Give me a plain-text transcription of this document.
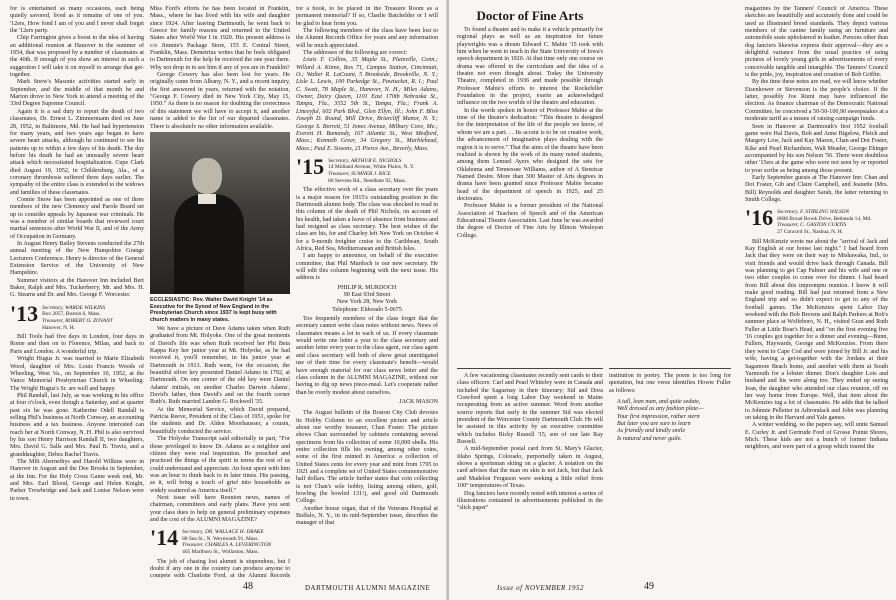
for is entertained as many occasions, each being quietly savored, lived as it remains of one of you. '12ers, How fond I am of you and I never shall forget the '12ers party.

Chip Farrington gives a boost to the idea of having an additional reunion at Hanover in the summer of 1954, that was proposed by a number of classmates at the 40th. If enough of you show an interest in such a suggestion I will take it on myself to arrange that get-together.

Mark Snow's Masonic activities started early in September, and the middle of that month he and Marion drove to New York to attend a meeting of the 33rd Degree Supreme Council.

Again it is a sad duty to report the death of two classmates, Dr. Ernest L. Zimmermann died on June 28, 1952, in Baltimore, Md. He had had hypertension for many years, and two years ago began to have severe heart attacks, although he continued to see his patients up to within a few days of his death. The day before his death he had an unusually severe heart attack which necessitated hospitalization. Cupe Clark died August 19, 1952, in Childersburg, Ala., of a coronary thrombosis suffered three days earlier. The sympathy of the entire class is extended to the widows and families of these classmates.

Connie Snow has been appointed as one of three members of the new Clemency and Parole Board set up to consider appeals by Japanese war criminals. He was a member of similar boards that reviewed court martial sentences after World War II, and of the Army of Occupation in Germany.

In August Henry Bailey Stevens conducted the 27th annual meeting of the New Hampshire Grange Lecturers Conference. Henry is director of the General Extension Service of the University of New Hampshire.

Summer visitors at the Hanover Inn included Bert Baker, Ralph and Mrs. Tuckerberry, Mr. and Mrs. H. G. Stearns and Dr. and Mrs. George F. Worcester.

'13 Secretary, WARDE WILKINS
Box 2057, Boston 6, Mass.
Treasurer, ROBERT O. ZOVANT
Hanover, N. H.

Bill Toole had five days in London, four days in Rome and then on to Florence, Milan, and back to Paris and London. A wonderful trip.

Wright Hugus Jr. was married to Marie Elizabeth Wood, daughter of Mrs. Louis Francis Woods of Wheeling, West Va., on September 10, 1952, at the Vance Memorial Presbyterian Church in Wheeling. The Wright Hugus's Sr. are well and happy.

Phil Randall, last July, as was working in his office at four o'clock, even though a Saturday, and at quarter past six he was gone. Katherine Odell Randall is selling Phil's business at North Conway, an accounting business and a tax business. Anyone interested can reach her at North Conway, N. H. Phil is also survived by his son Henry Harrison Randall II, two daughters, Mrs. David G. Salls and Mrs. Paul B. Travis, and a granddaughter, Debra Rachel Travis.

The Milt Abernethys and Harold Wilkins were in Hanover in August and the Dee Brooks in September, at the Inn. For the Holy Cross Game week end, Mr. and Mrs. Earl Blood, George and Helen Knight, Parker Trowbridge and Jack and Louise Nelson were in town.

Miss Ford's efforts he has been located in Franklin, Mass., where he has lived with his wife and daughter since 1924. After leaving Dartmouth, he went back to Greece for family reasons and returned to the United States after World War I in 1920. His present address is c/o Jimmie's Package Store, 155 E. Central Street, Franklin, Mass. Demetrius writes that he feels obligated to Dartmouth for the help he received the one year there. Why not drop in to see him if any of you are in Franklin?

George Cowery has also been lost for years. He originally came from Albany, N. Y., and a recent inquiry, the first answered in years, returned with the notation, "George F. Cowery died in New York City, May 15, 1950." As there is no reason for doubting the correctness of this statement we will have to accept it, and another name is added to the list of our departed classmates. There is absolutely no other information available.

ECCLESIASTIC: Rev. Walter David Knight '14 as Executive for the Synod of New England in the Presbyterian Church since 1937 is kept busy with church matters in many states.

We have a picture of Dave Adams taken when Ruth graduated from Mt. Holyoke. One of the great moments of David's life was when Ruth received her Phi Beta Kappa Key her junior year at Mt. Holyoke, as he had received it, you'll remember, in his junior year at Dartmouth in 1913. Ruth went, for the occasion, the beautiful silver key presented Daniel Adams in 1792, at Dartmouth. On one corner of the old key were Daniel Adams' initials, on another Charles Darwin Adams', David's father, then David's and on the fourth corner Ruth's. Ruth married Landon G. Rockwell '35.

At the Memorial Service, which David prepared, Patricia Reeve, President of the Class of 1951, spoke for the students and Dr. Alden Moorhausser, a cousin, beautifully conducted the service.

The Holyoke Transcript said editorially in part, "For those privileged to know Dr. Adams as a neighbor and citizen they were real inspiration. He preached and practiced the things of the spirit in terms the rest of us could understand and appreciate. An hour spent with him was an hour to think back to in later times. His passing, as it, will bring a touch of grief into households as widely scattered as America itself."

Next issue will have Reunion news, names of chairman, committees and early plans. Have you sent your class dues to help on general preliminary expenses and the cost of the ALUMNI MAGAZINE?

'14 Secretary, DR. WALLACE H. DRAKE
88 Sea St., N. Weymouth 91, Mass.
Treasurer, CHARLES A. LEVERINGTON
465 Marlboro St., Wollaston, Mass.

The job of chasing lost alumni is stupendous, but I doubt if any one in the country can produce anyone to compete with Charlotte Ford, at the Alumni Records

for a book, to be placed in the Treasure Room as a permanent memorial? If so, Charlie Batchelder or I will be glad to hear from you.

The following members of the class have been lost to the Alumni Records Office for years and any information will be much appreciated.

The addresses of the following are correct:

Louis F. Collins, 35 Maple St., Plainville, Conn.; Willard A. Kinne, Box 71, Campus Station, Cincinnati, O.; Walter R. LaCount, 5 Brookside, Brookville, N. Y.; Lisle L. Lewis, 100 Parkedge St., Pawtucket, R. I.; Paul C. Swett, 78 Maple St., Hanover, N. H.; Miles Adams, Owner, Dairy Queen, 1101 East 170th Nebraska St., Tampa, Fla., 3552 5th St., Tampa, Fla.; Frank A. Lineeyful, 602 Park Blvd., Glen Ellyn, Ill.; John F. Bliss Joseph D. Round, Mill Drive, Briarcliff Manor, N. Y.; George S. Borrett, 51 Jones Avenue, Milbury Cove, Me.; Everett H. Bomandy, 167 Atlantic St., West Medford, Mass.; Kenneth Greer, 34 Gregory St., Marblehead, Mass.; Paul E. Sissons, 21 Pierce Ave., Beverly, Mass.

'15 Secretary, ARTHUR E. NICHOLS
14 Midland Avenue, White Plains, N. Y.
Treasurer, SUMNER J. RICE
80 Stevens Rd., Needham 92, Mass.

The effective work of a class secretary over the years is a major reason for 1915's outstanding position in the Dartmouth alumni body. The class was shocked to read in this column of the death of Phil Nichols, on account of his health, had taken a leave of absence from business and had resigned as class secretary. The best wishes of the class are his, for and Charley left New York on October 4 for a 9-month freighter cruise to the Caribbean, South Africa, Red Sea, Mediterranean and British Isles.

I am happy to announce, on behalf of the executive committee, that Phil Murdoch is our new secretary. He will edit this column beginning with the next issue. His address is

PHILIP R. MURDOCH
90 East 93rd Street
New York 28, New York
Telephone: Eldorado 5-0675

Too frequently members of the class forget that the secretary cannot write class notes without news. News of classmates means a lot to each of us. If every classmate would write one letter a year to the class secretary and another letter every year to the class agent, our class agent and class secretary will both of show great unmitigated use of their time for every classmate's benefit—would have enough material for our class news letter and the class column in the ALUMNI MAGAZINE, without our having to dig up news piece-meal. Let's cooperate rather than be overly modest about ourselves.

JACK MASON

The August bulletin of the Boston City Club devotes its Hobby Column to an excellent picture and article about our worthy treasurer, Chan Foster. The picture shows Chan surrounded by cabinets containing several specimens from his collection of some 10,000 shells. His entire collection fills his owning, among other coins, some of the first minted in America: a collection of United States cents for every year and mint from 1795 to 1921 and a complete set of United States commemorative half dollars. The article further states that coin collecting is not Chan's sole hobby, listing among others, golf, bowling (he bowled 131!), and good old Dartmouth College.

Another house organ, that of the Veterans Hospital at Buffalo, N. Y., in its mid-September issue, describes the manager of that

48	DARTMOUTH ALUMNI MAGAZINE
Doctor of Fine Arts

To found a theatre and to make it a vehicle primarily for regional plays as well as an inspiration for future playwrights was a dream Edward C. Mabie '15 took with him when he went to teach in the State University of Iowa's speech department in 1920. At that time only one course on drama was offered in the curriculum and the idea of a theatre not even thought about. Today the University Theatre, completed in 1936 and made possible through Professor Mabie's efforts to interest the Rockefeller Foundation in the project, exerts an acknowledged influence on the two worlds of the theatre and education.

In the words spoken in honor of Professor Mabie at the time of the theatre's dedication: "This theatre is designed for the interpretation of the life of the people we know, of whom we are a part. . . Its accent is to be on creative work, the advancement of imaginative plays dealing with the region it is to serve." That the aims of the theatre have been realized is shown by the work of its many noted students, among them Lemuel Ayers who designed the sets for Oklahoma and Tennessee Williams, author of A Streetcar Named Desire. More than 300 Master of Arts degrees in drama have been granted since Professor Mabie became head of the department of speech in 1925, and 25 doctorates.

Professor Mabie is a former president of the National Association of Teachers of Speech and of the American Educational Theatre Association. Last June he was awarded the degree of Doctor of Fine Arts by Illinois Wesleyan College.

A few vacationing classmates recently sent cards to their class officers: Carl and Pearl Whiteley were in Canada and included the Saguenay in their itinerary; Sid and Dora Crawford spent a long Labor Day weekend in Maine recuperating from an active summer. Word from another source reports that early in the summer Sid was elected president of the Worcester County Dartmouth Club. He will be assisted in this activity by an executive committee which includes Ricky Russell '15, son of our late Ray Russell.

A mid-September postal card from St. Mary's Glacier, Idaho Springs, Colorado, purportedly taken in August, shows a sportsman skiing on a glacier. A notation on the card advises that the man on skis is not Jack, but that Jack and Madelon Ferguson were seeking a little relief from 100° temperatures of Texas.

Dog fanciers have recently noted with interest a series of illustrations contained in advertisements published in the "slick paper"

institution in poetry. The poem is too long for quotation, but one verse identifies Howie Fuller as follows:

A tall, lean man, and quite sedate,
Well dressed as any fashion plate—
Your first impression, rather stern
But later you are sure to learn
As friendly and kindly smile
Is natural and never guile.

magazines by the Tanners' Council of America. These sketches are beautifully and accurately done and could be used as illustrated breed standards. They depict various members of the canine family using an furniture and automobile seats upholstered in leather. Persons other than dog fanciers likewise express their approval—they are a delightful variance from the usual practice of using pictures of lovely young girls in advertisements of every conceivable tangible and intangible. The Tanners' Council is the pride, joy, inspiration and creation of Bob Griffin.

By the time these notes are read, we will know whether Eisenhower or Stevenson is the people's choice. If the latter, possibly Joe Rumi may have influenced the election. As finance chairman of the Democratic National Committee, he conceived a 50-50-100,90 sweepstakes at a moderate tariff as a means of raising campaign funds.

Seen in Hanover at Dartmouth's first 1952 football game were Hal Davis, Bob and Anne Bigelow, Fletch and Margery Low, Jack and Kay Mason, Chan and Dot Foster, Kike and Pearl Richardson, Walt Meader, George Ehinger accompanied by his son Nelson '56. There were doubtless other '15ers at the game who were not seen by or reported to your scribe as being among those present.

Early September guests at The Hanover Inn: Chan and Dot Foster, Gib and Claire Campbell, and Jeanette (Mrs. Bill) Reynolds and daughter Sarah, the latter returning to Smith College.

'16 Secretary, F. STIRLING WILSON
8608 Broad Brook Drive, Bethesda 14, Md.
Treasurer, C. GASTON CURTIS
27 Concord St., Nashua, N. H.

Bill McKenzie wrote me about the "arrival of Jack and Kay English at our house last night." I had heard from Jack that they were on their way to Mishawaka, Ind., to visit friends and would drive back through Canada. Bill was planning to get Cap Palmer and his wife and one or two other couples to come over for dinner. I had heard from Bill about this impromptu reunion. I know it will make good reading. Bill had just returned from a New England trip and so didn't expect to get to any of the football games. The McKenzies spent Labor Day weekend with the Bob Browns and Ralph Parkers at Bob's summer place at Wolfeboro, N. H., visited Gran and Ruth Fuller at Little Boar's Head, and "on the first evening five '16 couples got together for a dinner and evening—Bunn, Fullers, Haywards, George and McKenzies. From there they went to Cape Cod and were joined by Bill Jr. and his wife, having a get-together with the Jordans at their Sagamore Beach home, and another with them at South Yarmouth for a lobster dinner. Don's daughter Lois and husband and his were along too. They ended up seeing Jean, the daughter who attended our class reunion, off on her way home from Europe. Well, that item about the McKenzies tug a lot of classmates. He adds that he talked to Johnnie Pelletier in Adirondack and John was planning on taking in the Harvard and Yale games.

A winter wedding, so the papers say, will unite Samuel E. Curley Jr. and Gertrude Ford of Grosse Pointe Shores, Mich. These kids are not a bunch of former Indiana neighbors, and were part of a group which toured the

Issue of NOVEMBER 1952	49
